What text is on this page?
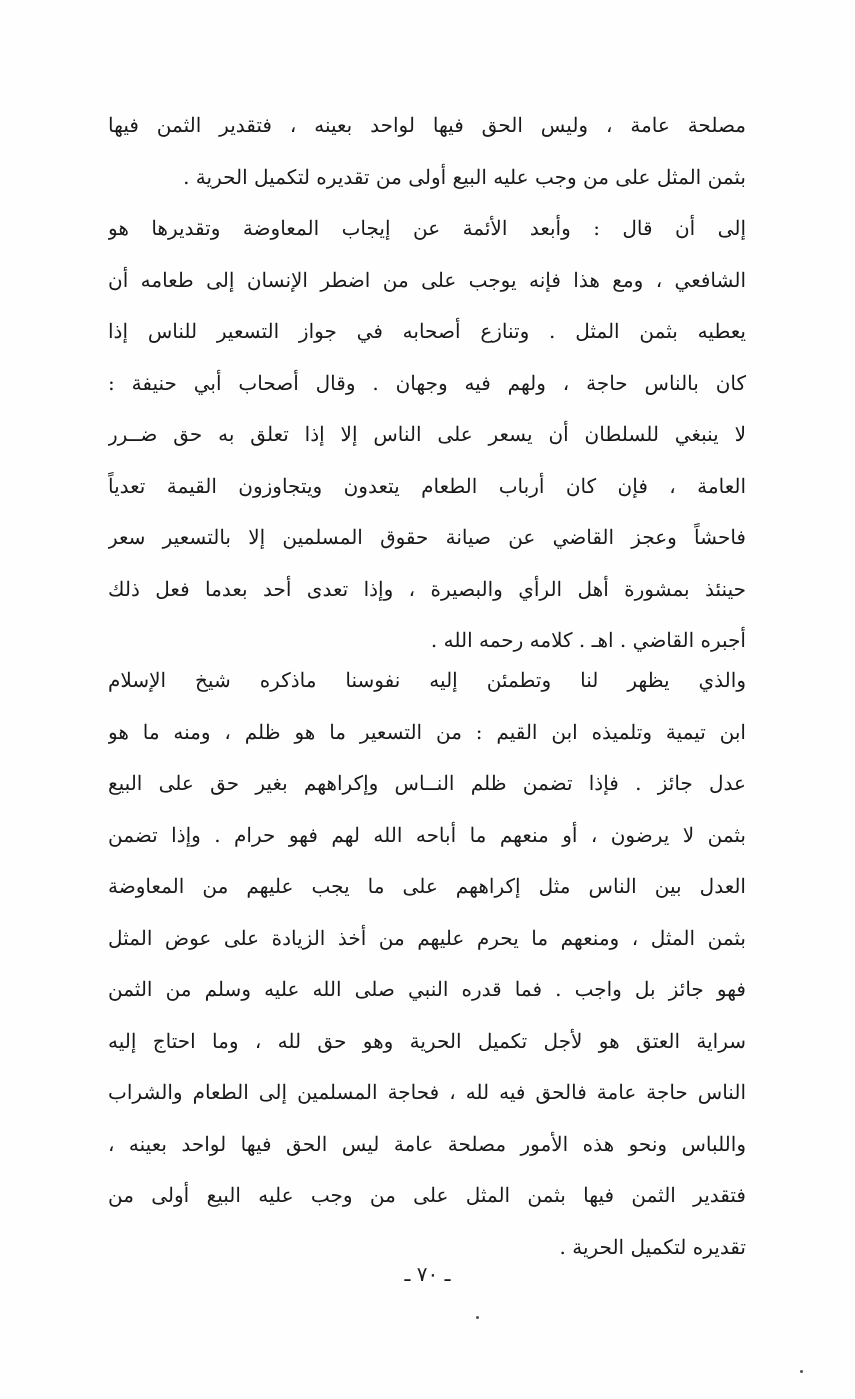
مصلحة عامة ، وليس الحق فيها لواحد بعينه ، فتقدير الثمن فيها
بثمن المثل على من وجب عليه البيع أولى من تقديره لتكميل الحرية .
إلى أن قال : وأبعد الأئمة عن إيجاب المعاوضة وتقديرها هو
الشافعي ، ومع هذا فإنه يوجب على من اضطر الإنسان إلى طعامه أن
يعطيه بثمن المثل . وتنازع أصحابه في جواز التسعير للناس إذا
كان بالناس حاجة ، ولهم فيه وجهان . وقال أصحاب أبي حنيفة :
لا ينبغي للسلطان أن يسعر على الناس إلا إذا تعلق به حق ضــرر
العامة ، فإن كان أرباب الطعام يتعدون ويتجاوزون القيمة تعدياً
فاحشاً وعجز القاضي عن صيانة حقوق المسلمين إلا بالتسعير سعر
حينئذ بمشورة أهل الرأي والبصيرة ، وإذا تعدى أحد بعدما فعل ذلك
أجبره القاضي . اهـ . كلامه رحمه الله .
والذي يظهر لنا وتطمئن إليه نفوسنا ماذكره شيخ الإسلام
ابن تيمية وتلميذه ابن القيم : من التسعير ما هو ظلم ، ومنه ما هو
عدل جائز . فإذا تضمن ظلم النــاس وإكراههم بغير حق على البيع
بثمن لا يرضون ، أو منعهم ما أباحه الله لهم فهو حرام . وإذا تضمن
العدل بين الناس مثل إكراههم على ما يجب عليهم من المعاوضة
بثمن المثل ، ومنعهم ما يحرم عليهم من أخذ الزيادة على عوض المثل
فهو جائز بل واجب . فما قدره النبي صلى الله عليه وسلم من الثمن
سراية العتق هو لأجل تكميل الحرية وهو حق لله ، وما احتاج إليه
الناس حاجة عامة فالحق فيه لله ، فحاجة المسلمين إلى الطعام والشراب
واللباس ونحو هذه الأمور مصلحة عامة ليس الحق فيها لواحد بعينه ،
فتقدير الثمن فيها بثمن المثل على من وجب عليه البيع أولى من
تقديره لتكميل الحرية .
ـ ٧٠ ـ
